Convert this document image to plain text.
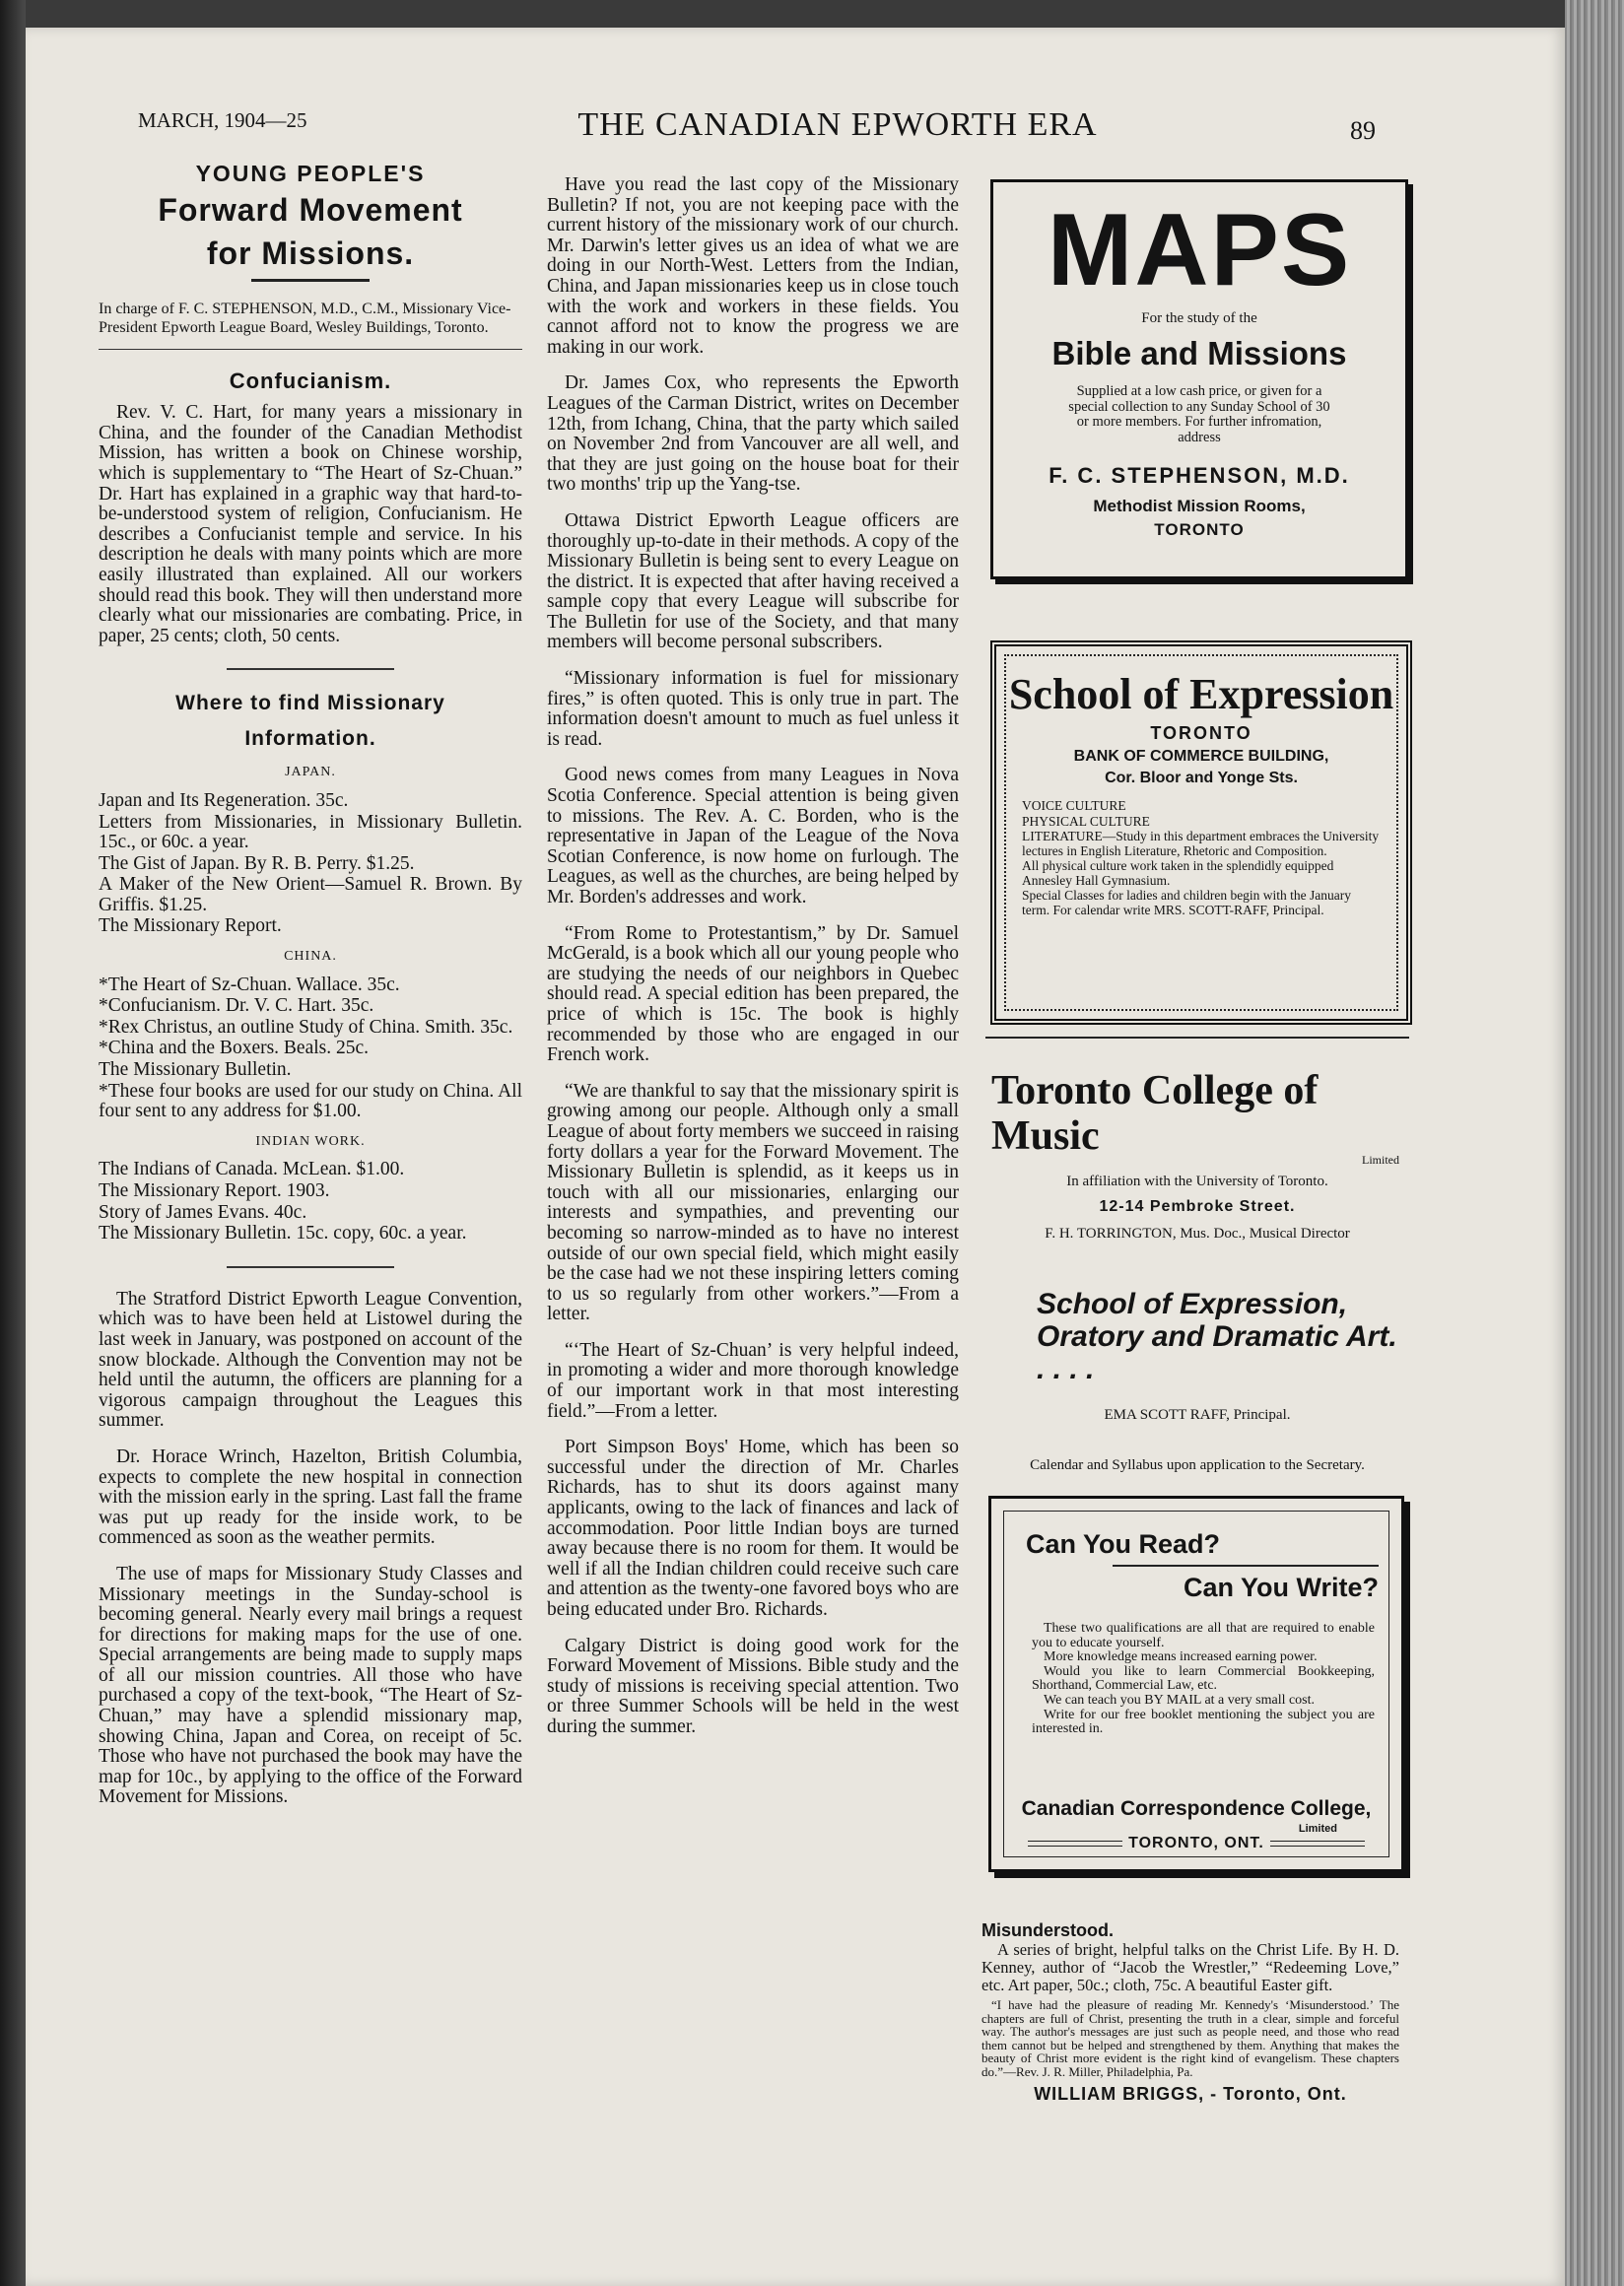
MARCH, 1904—25	THE CANADIAN EPWORTH ERA	89
YOUNG PEOPLE'S
Forward Movement
for Missions.
In charge of F. C. STEPHENSON, M.D., C.M., Missionary Vice-President Epworth League Board, Wesley Buildings, Toronto.
Confucianism.

Rev. V. C. Hart, for many years a missionary in China, and the founder of the Canadian Methodist Mission, has written a book on Chinese worship, which is supplementary to “The Heart of Sz-Chuan.” Dr. Hart has explained in a graphic way that hard-to-be-understood system of religion, Confucianism. He describes a Confucianist temple and service. In his description he deals with many points which are more easily illustrated than explained. All our workers should read this book. They will then understand more clearly what our missionaries are combating. Price, in paper, 25 cents; cloth, 50 cents.

Where to find Missionary
Information.
JAPAN.

Japan and Its Regeneration. 35c.

Letters from Missionaries, in Missionary Bulletin. 15c., or 60c. a year.

The Gist of Japan. By R. B. Perry. $1.25.

A Maker of the New Orient—Samuel R. Brown. By Griffis. $1.25.

The Missionary Report.

CHINA.

*The Heart of Sz-Chuan. Wallace. 35c.

*Confucianism. Dr. V. C. Hart. 35c.

*Rex Christus, an outline Study of China. Smith. 35c.

*China and the Boxers. Beals. 25c.

The Missionary Bulletin.

*These four books are used for our study on China. All four sent to any address for $1.00.

INDIAN WORK.

The Indians of Canada. McLean. $1.00.

The Missionary Report. 1903.

Story of James Evans. 40c.

The Missionary Bulletin. 15c. copy, 60c. a year.

The Stratford District Epworth League Convention, which was to have been held at Listowel during the last week in January, was postponed on account of the snow blockade. Although the Convention may not be held until the autumn, the officers are planning for a vigorous campaign throughout the Leagues this summer.

Dr. Horace Wrinch, Hazelton, British Columbia, expects to complete the new hospital in connection with the mission early in the spring. Last fall the frame was put up ready for the inside work, to be commenced as soon as the weather permits.

The use of maps for Missionary Study Classes and Missionary meetings in the Sunday-school is becoming general. Nearly every mail brings a request for directions for making maps for the use of one. Special arrangements are being made to supply maps of all our mission countries. All those who have purchased a copy of the text-book, “The Heart of Sz-Chuan,” may have a splendid missionary map, showing China, Japan and Corea, on receipt of 5c. Those who have not purchased the book may have the map for 10c., by applying to the office of the Forward Movement for Missions.

Have you read the last copy of the Missionary Bulletin? If not, you are not keeping pace with the current history of the missionary work of our church. Mr. Darwin's letter gives us an idea of what we are doing in our North-West. Letters from the Indian, China, and Japan missionaries keep us in close touch with the work and workers in these fields. You cannot afford not to know the progress we are making in our work.

Dr. James Cox, who represents the Epworth Leagues of the Carman District, writes on December 12th, from Ichang, China, that the party which sailed on November 2nd from Vancouver are all well, and that they are just going on the house boat for their two months' trip up the Yang-tse.

Ottawa District Epworth League officers are thoroughly up-to-date in their methods. A copy of the Missionary Bulletin is being sent to every League on the district. It is expected that after having received a sample copy that every League will subscribe for The Bulletin for use of the Society, and that many members will become personal subscribers.

“Missionary information is fuel for missionary fires,” is often quoted. This is only true in part. The information doesn't amount to much as fuel unless it is read.

Good news comes from many Leagues in Nova Scotia Conference. Special attention is being given to missions. The Rev. A. C. Borden, who is the representative in Japan of the League of the Nova Scotian Conference, is now home on furlough. The Leagues, as well as the churches, are being helped by Mr. Borden's addresses and work.

“From Rome to Protestantism,” by Dr. Samuel McGerald, is a book which all our young people who are studying the needs of our neighbors in Quebec should read. A special edition has been prepared, the price of which is 15c. The book is highly recommended by those who are engaged in our French work.

“We are thankful to say that the missionary spirit is growing among our people. Although only a small League of about forty members we succeed in raising forty dollars a year for the Forward Movement. The Missionary Bulletin is splendid, as it keeps us in touch with all our missionaries, enlarging our interests and sympathies, and preventing our becoming so narrow-minded as to have no interest outside of our own special field, which might easily be the case had we not these inspiring letters coming to us so regularly from other workers.”—From a letter.

“‘The Heart of Sz-Chuan’ is very helpful indeed, in promoting a wider and more thorough knowledge of our important work in that most interesting field.”—From a letter.

Port Simpson Boys' Home, which has been so successful under the direction of Mr. Charles Richards, has to shut its doors against many applicants, owing to the lack of finances and lack of accommodation. Poor little Indian boys are turned away because there is no room for them. It would be well if all the Indian children could receive such care and attention as the twenty-one favored boys who are being educated under Bro. Richards.

Calgary District is doing good work for the Forward Movement of Missions. Bible study and the study of missions is receiving special attention. Two or three Summer Schools will be held in the west during the summer.

MAPS
For the study of the
Bible and Missions
Supplied at a low cash price, or given for a special collection to any Sunday School of 30 or more members. For further infromation, address
F. C. STEPHENSON, M.D.
Methodist Mission Rooms,
TORONTO
School of Expression
TORONTO
BANK OF COMMERCE BUILDING,
Cor. Bloor and Yonge Sts.
VOICE CULTURE
PHYSICAL CULTURE
LITERATURE—Study in this department embraces the University lectures in English Literature, Rhetoric and Composition.
All physical culture work taken in the splendidly equipped Annesley Hall Gymnasium.
Special Classes for ladies and children begin with the January term. For calendar write MRS. SCOTT-RAFF, Principal.
Toronto College of Music
Limited
In affiliation with the University of Toronto.
12-14 Pembroke Street.
F. H. TORRINGTON, Mus. Doc., Musical Director
School of Expression, Oratory and Dramatic Art. . . . .
EMA SCOTT RAFF, Principal.
Calendar and Syllabus upon application to the Secretary.
Can You Read?
Can You Write?
These two qualifications are all that are required to enable you to educate yourself.
More knowledge means increased earning power.
Would you like to learn Commercial Bookkeeping, Shorthand, Commercial Law, etc.
We can teach you BY MAIL at a very small cost.
Write for our free booklet mentioning the subject you are interested in.
Canadian Correspondence College,
Limited
TORONTO, ONT.
Misunderstood.
A series of bright, helpful talks on the Christ Life. By H. D. Kenney, author of “Jacob the Wrestler,” “Redeeming Love,” etc. Art paper, 50c.; cloth, 75c. A beautiful Easter gift.
“I have had the pleasure of reading Mr. Kennedy's ‘Misunderstood.’ The chapters are full of Christ, presenting the truth in a clear, simple and forceful way. The author's messages are just such as people need, and those who read them cannot but be helped and strengthened by them. Anything that makes the beauty of Christ more evident is the right kind of evangelism. These chapters do.”—Rev. J. R. Miller, Philadelphia, Pa.
WILLIAM BRIGGS, - Toronto, Ont.
